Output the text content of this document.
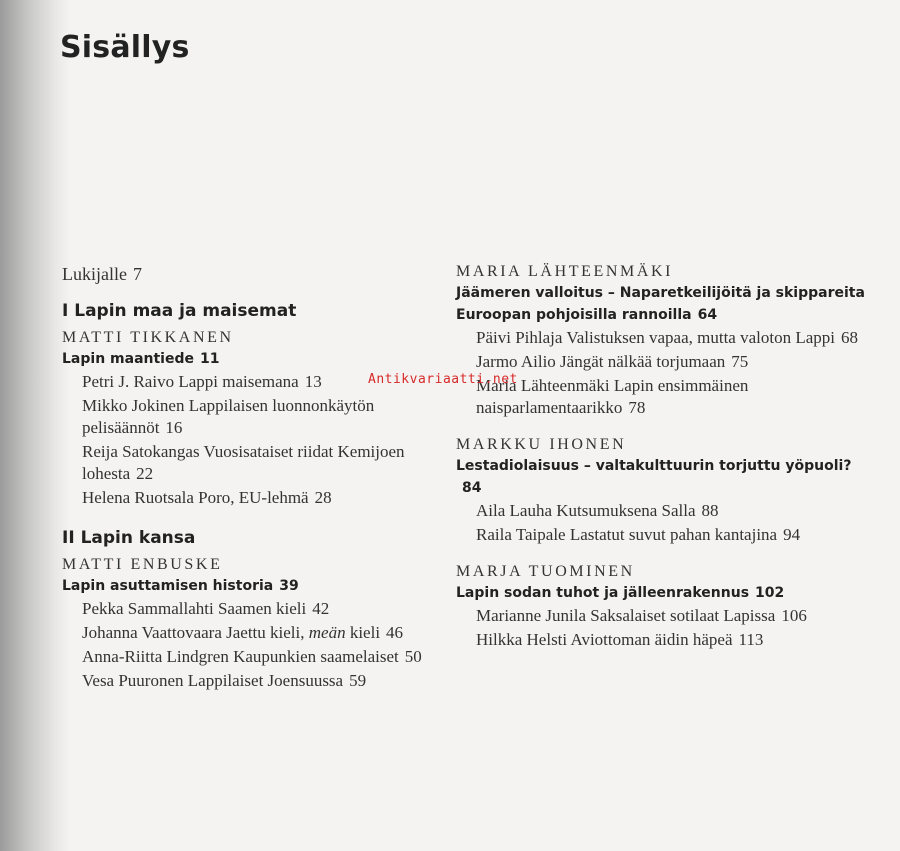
Sisällys
Lukijalle 7
I Lapin maa ja maisemat
MATTI TIKKANEN
Lapin maantiede 11
Petri J. Raivo Lappi maisemana 13
Mikko Jokinen Lappilaisen luonnonkäytön pelisäännöt 16
Reija Satokangas Vuosisataiset riidat Kemijoen lohesta 22
Helena Ruotsala Poro, EU-lehmä 28
II Lapin kansa
MATTI ENBUSKE
Lapin asuttamisen historia 39
Pekka Sammallahti Saamen kieli 42
Johanna Vaattovaara Jaettu kieli, meän kieli 46
Anna-Riitta Lindgren Kaupunkien saamelaiset 50
Vesa Puuronen Lappilaiset Joensuussa 59
MARIA LÄHTEENMÄKI
Jäämeren valloitus – Naparetkeilijöitä ja skippareita Euroopan pohjoisilla rannoilla 64
Päivi Pihlaja Valistuksen vapaa, mutta valoton Lappi 68
Jarmo Ailio Jängät nälkää torjumaan 75
Maria Lähteenmäki Lapin ensimmäinen naisparlamentaarikko 78
MARKKU IHONEN
Lestadiolaisuus – valtakulttuurin torjuttu yöpuoli?84
Aila Lauha Kutsumuksena Salla 88
Raila Taipale Lastatut suvut pahan kantajina 94
MARJA TUOMINEN
Lapin sodan tuhot ja jälleenrakennus 102
Marianne Junila Saksalaiset sotilaat Lapissa 106
Hilkka Helsti Aviottoman äidin häpeä 113
Antikvariaatti.net
